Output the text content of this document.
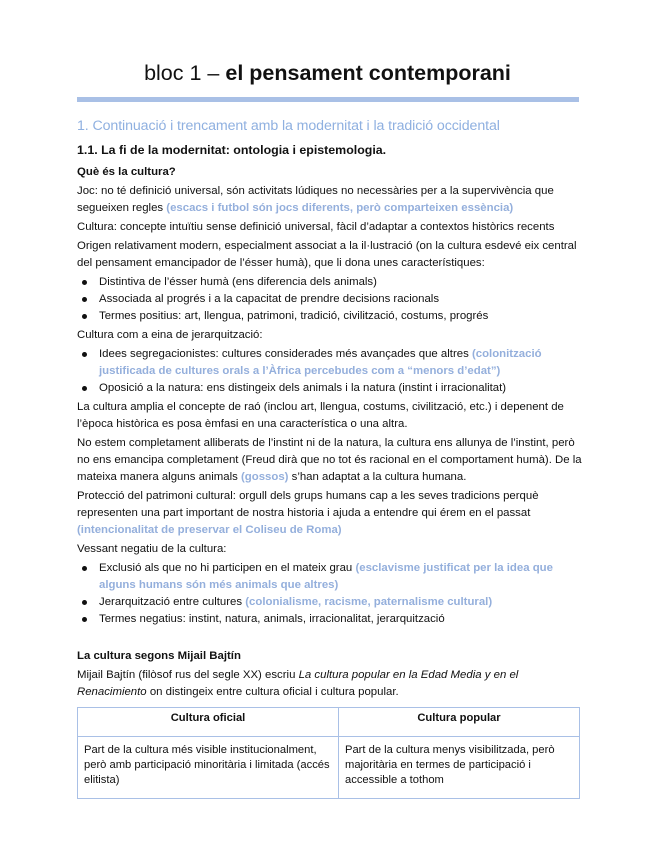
bloc 1 – el pensament contemporani
1. Continuació i trencament amb la modernitat i la tradició occidental
1.1. La fi de la modernitat: ontologia i epistemologia.
Què és la cultura?

Joc: no té definició universal, són activitats lúdiques no necessàries per a la supervivència que segueixen regles (escacs i futbol són jocs diferents, però comparteixen essència)

Cultura: concepte intuïtiu sense definició universal, fàcil d’adaptar a contextos històrics recents

Origen relativament modern, especialment associat a la il·lustració (on la cultura esdevé eix central del pensament emancipador de l’ésser humà), que li dona unes característiques:

Distintiva de l’ésser humà (ens diferencia dels animals)
Associada al progrés i a la capacitat de prendre decisions racionals
Termes positius: art, llengua, patrimoni, tradició, civilització, costums, progrés

Cultura com a eina de jerarquització:

Idees segregacionistes: cultures considerades més avançades que altres (colonització justificada de cultures orals a l’Àfrica percebudes com a “menors d’edat”)
Oposició a la natura: ens distingeix dels animals i la natura (instint i irracionalitat)

La cultura amplia el concepte de raó (inclou art, llengua, costums, civilització, etc.) i depenent de l’època històrica es posa èmfasi en una característica o una altra.

No estem completament alliberats de l’instint ni de la natura, la cultura ens allunya de l’instint, però no ens emancipa completament (Freud dirà que no tot és racional en el comportament humà). De la mateixa manera alguns animals (gossos) s’han adaptat a la cultura humana.

Protecció del patrimoni cultural: orgull dels grups humans cap a les seves tradicions perquè representen una part important de nostra historia i ajuda a entendre qui érem en el passat (intencionalitat de preservar el Coliseu de Roma)

Vessant negatiu de la cultura:

Exclusió als que no hi participen en el mateix grau (esclavisme justificat per la idea que alguns humans són més animals que altres)
Jerarquització entre cultures (colonialisme, racisme, paternalisme cultural)
Termes negatius: instint, natura, animals, irracionalitat, jerarquització
La cultura segons Mijail Bajtín

Mijail Bajtín (filòsof rus del segle XX) escriu La cultura popular en la Edad Media y en el Renacimiento on distingeix entre cultura oficial i cultura popular.

Cultura oficial	Cultura popular
Part de la cultura més visible institucionalment, però amb participació minoritària i limitada (accés elitista)	Part de la cultura menys visibilitzada, però majoritària en termes de participació i accessible a tothom
